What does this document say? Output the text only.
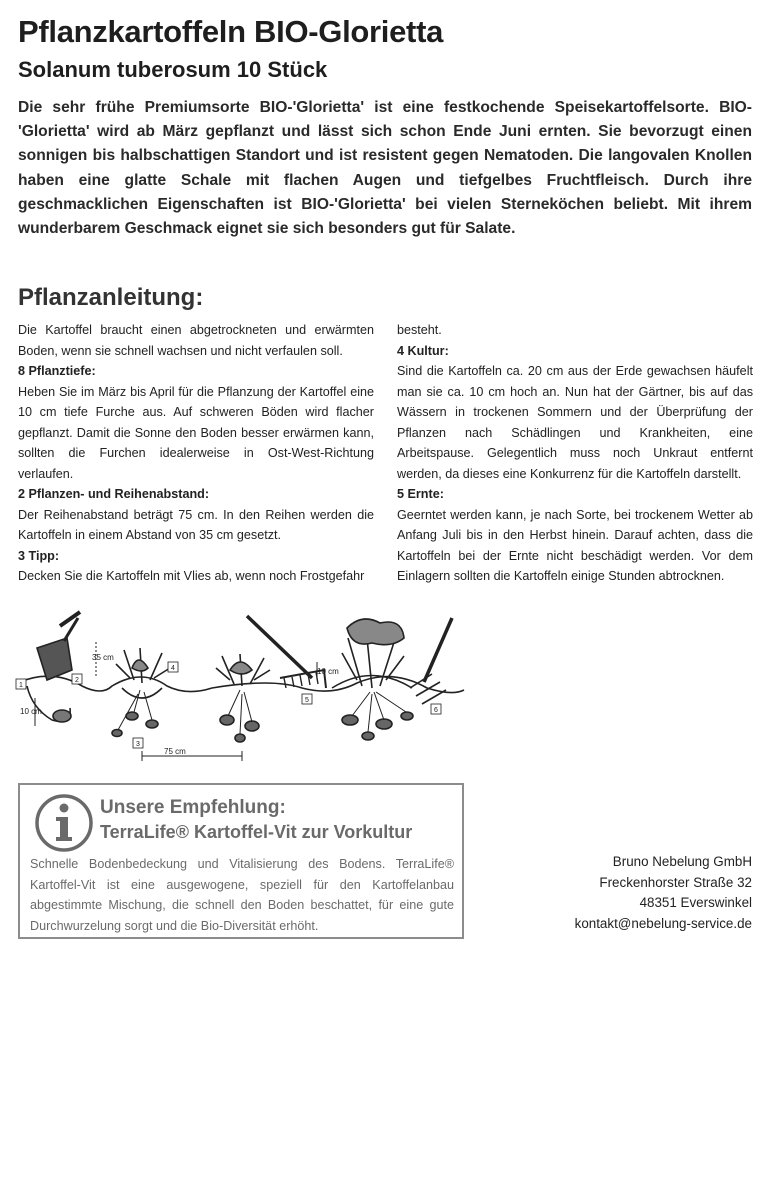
Pflanzkartoffeln BIO-Glorietta
Solanum tuberosum 10 Stück

Die sehr frühe Premiumsorte BIO-'Glorietta' ist eine festkochende Speisekartoffelsorte. BIO-'Glorietta' wird ab März gepflanzt und lässt sich schon Ende Juni ernten. Sie bevorzugt einen sonnigen bis halbschattigen Standort und ist resistent gegen Nematoden. Die langovalen Knollen haben eine glatte Schale mit flachen Augen und tiefgelbes Fruchtfleisch. Durch ihre geschmacklichen Eigenschaften ist BIO-'Glorietta' bei vielen Sterneköchen beliebt. Mit ihrem wunderbarem Geschmack eignet sie sich besonders gut für Salate.

Pflanzanleitung:

Die Kartoffel braucht einen abgetrockneten und erwärmten Boden, wenn sie schnell wachsen und nicht verfaulen soll.

8 Pflanztiefe:

Heben Sie im März bis April für die Pflanzung der Kartoffel eine 10 cm tiefe Furche aus. Auf schweren Böden wird flacher gepflanzt. Damit die Sonne den Boden besser erwärmen kann, sollten die Furchen idealerweise in Ost-West-Richtung verlaufen.

2 Pflanzen- und Reihenabstand:

Der Reihenabstand beträgt 75 cm. In den Reihen werden die Kartoffeln in einem Abstand von 35 cm gesetzt.

3 Tipp:

Decken Sie die Kartoffeln mit Vlies ab, wenn noch Frostgefahr

besteht.

4 Kultur:

Sind die Kartoffeln ca. 20 cm aus der Erde gewachsen häufelt man sie ca. 10 cm hoch an. Nun hat der Gärtner, bis auf das Wässern in trockenen Sommern und der Überprüfung der Pflanzen nach Schädlingen und Krankheiten, eine Arbeitspause. Gelegentlich muss noch Unkraut entfernt werden, da dieses eine Konkurrenz für die Kartoffeln darstellt.

5 Ernte:

Geerntet werden kann, je nach Sorte, bei trockenem Wetter ab Anfang Juli bis in den Herbst hinein. Darauf achten, dass die Kartoffeln bei der Ernte nicht beschädigt werden. Vor dem Einlagern sollten die Kartoffeln einige Stunden abtrocknen.

10 cm
35 cm
75 cm
10 cm
1
2
3
4
5
6

Unsere Empfehlung:

TerraLife® Kartoffel-Vit zur Vorkultur

Schnelle Bodenbedeckung und Vitalisierung des Bodens. TerraLife® Kartoffel-Vit ist eine ausgewogene, speziell für den Kartoffelanbau abgestimmte Mischung, die schnell den Boden beschattet, für eine gute Durchwurzelung sorgt und die Bio-Diversität erhöht.

Bruno Nebelung GmbH
Freckenhorster Straße 32
48351 Everswinkel
kontakt@nebelung-service.de
